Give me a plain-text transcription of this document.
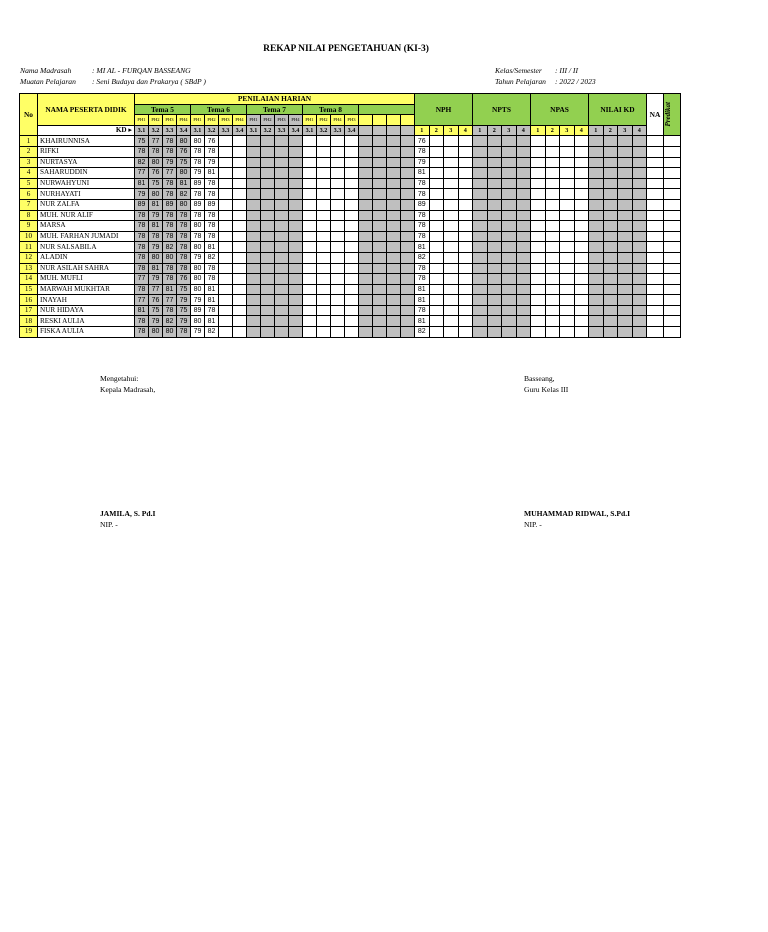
REKAP NILAI PENGETAHUAN (KI-3)
Nama Madrasah	: MI AL - FURQAN BASSEANG
Muatan Pelajaran	: Seni Budaya dan Prakarya ( SBdP )
Kelas/Semester	: III / II
Tahun Pelajaran	: 2022 / 2023
No	NAMA PESERTA DIDIK	PENILAIAN HARIAN																				NPH				NPTS				NPAS				NILAI KD				NA	Predikat

		Tema 5				Tema 6				Tema 7				Tema 8																									
		PH1	PH2	PH3	PH4	PH1	PH2	PH3	PH4	PH1	PH2	PH3	PH4	PH1	PH2	PH4	PH3																						
	KD ▸	3.1	3.2	3.3	3.4	3.1	3.2	3.3	3.4	3.1	3.2	3.3	3.4	3.1	3.2	3.3	3.4					1	2	3	4	1	2	3	4	1	2	3	4	1	2	3	4		
1	KHAIRUNNISA	75	77	78	80	80	76															76																	
2	RIFKI	78	78	78	76	78	78															78																	
3	NURTASYA	82	80	79	75	78	79															79																	
4	SAHARUDDIN	77	76	77	80	79	81															81																	
5	NURWAHYUNI	81	75	78	81	89	78															78																	
6	NURHAYATI	79	80	78	82	78	78															78																	
7	NUR ZALFA	89	81	89	80	89	89															89																	
8	MUH. NUR ALIF	78	79	78	78	78	78															78																	
9	MARSA	78	81	78	78	80	78															78																	
10	MUH. FARHAN JUMADI	78	78	78	78	78	78															78																	
11	NUR SALSABILA	78	79	82	78	80	81															81																	
12	ALADIN	78	80	80	78	79	82															82																	
13	NUR ASILAH SAHRA	78	81	78	78	80	78															78																	
14	MUH. MUFLI	77	79	78	76	80	78															78																	
15	MARWAH MUKHTAR	78	77	81	75	80	81															81																	
16	INAYAH	77	76	77	79	79	81															81																	
17	NUR HIDAYA	81	75	78	75	89	78															78																	
18	RESKI AULIA	78	79	82	79	80	81															81																	
19	FISKA AULIA	78	80	80	78	79	82															82																	
Mengetahui:
Kepala Madrasah,
JAMILA, S. Pd.I
NIP. -
Basseang,
Guru Kelas III
MUHAMMAD RIDWAL, S.Pd.I
NIP. -
